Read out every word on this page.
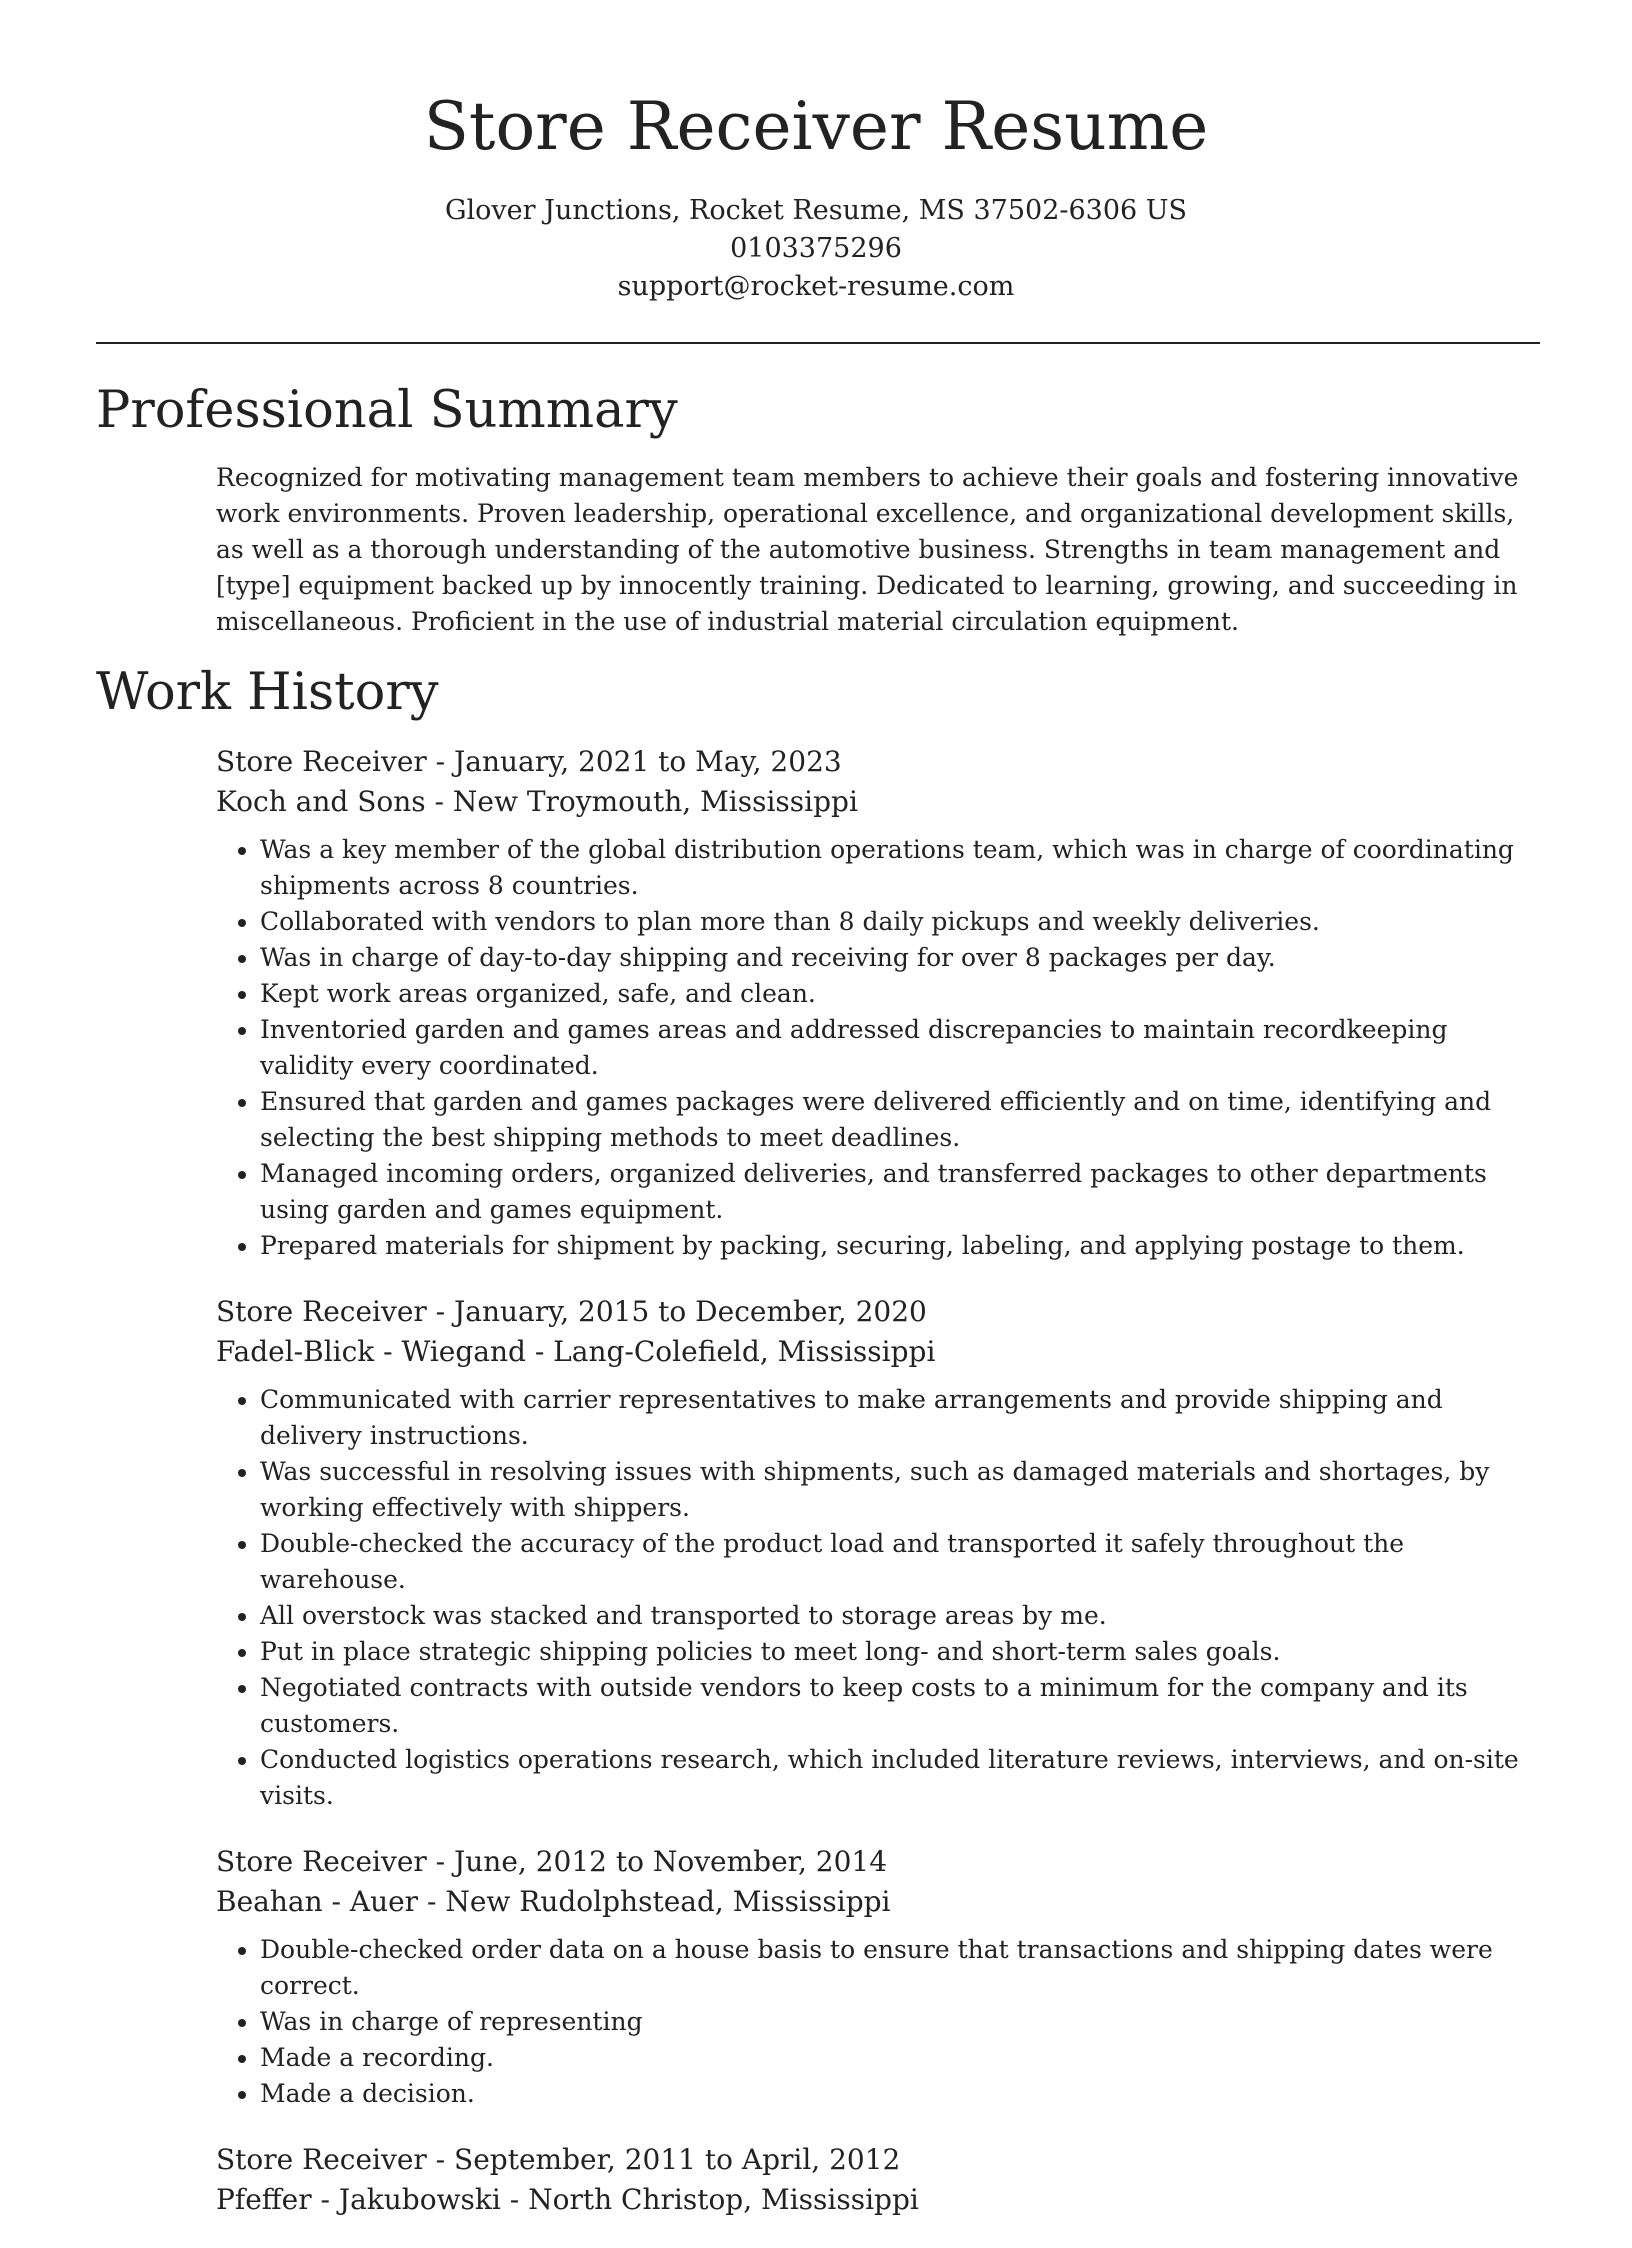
Store Receiver Resume
Glover Junctions, Rocket Resume, MS 37502-6306 US
0103375296
support@rocket-resume.com
Professional Summary

Recognized for motivating management team members to achieve their goals and fostering innovative work environments. Proven leadership, operational excellence, and organizational development skills, as well as a thorough understanding of the automotive business. Strengths in team management and [type] equipment backed up by innocently training. Dedicated to learning, growing, and succeeding in miscellaneous. Proficient in the use of industrial material circulation equipment.

Work History

Store Receiver - January, 2021 to May, 2023

Koch and Sons - New Troymouth, Mississippi

• Was a key member of the global distribution operations team, which was in charge of coordinating shipments across 8 countries.
• Collaborated with vendors to plan more than 8 daily pickups and weekly deliveries.
• Was in charge of day-to-day shipping and receiving for over 8 packages per day.
• Kept work areas organized, safe, and clean.
• Inventoried garden and games areas and addressed discrepancies to maintain recordkeeping validity every coordinated.
• Ensured that garden and games packages were delivered efficiently and on time, identifying and selecting the best shipping methods to meet deadlines.
• Managed incoming orders, organized deliveries, and transferred packages to other departments using garden and games equipment.
• Prepared materials for shipment by packing, securing, labeling, and applying postage to them.

Store Receiver - January, 2015 to December, 2020

Fadel-Blick - Wiegand - Lang-Colefield, Mississippi

• Communicated with carrier representatives to make arrangements and provide shipping and delivery instructions.
• Was successful in resolving issues with shipments, such as damaged materials and shortages, by working effectively with shippers.
• Double-checked the accuracy of the product load and transported it safely throughout the warehouse.
• All overstock was stacked and transported to storage areas by me.
• Put in place strategic shipping policies to meet long- and short-term sales goals.
• Negotiated contracts with outside vendors to keep costs to a minimum for the company and its customers.
• Conducted logistics operations research, which included literature reviews, interviews, and on-site visits.

Store Receiver - June, 2012 to November, 2014

Beahan - Auer - New Rudolphstead, Mississippi

• Double-checked order data on a house basis to ensure that transactions and shipping dates were correct.
• Was in charge of representing
• Made a recording.
• Made a decision.

Store Receiver - September, 2011 to April, 2012

Pfeffer - Jakubowski - North Christop, Mississippi
